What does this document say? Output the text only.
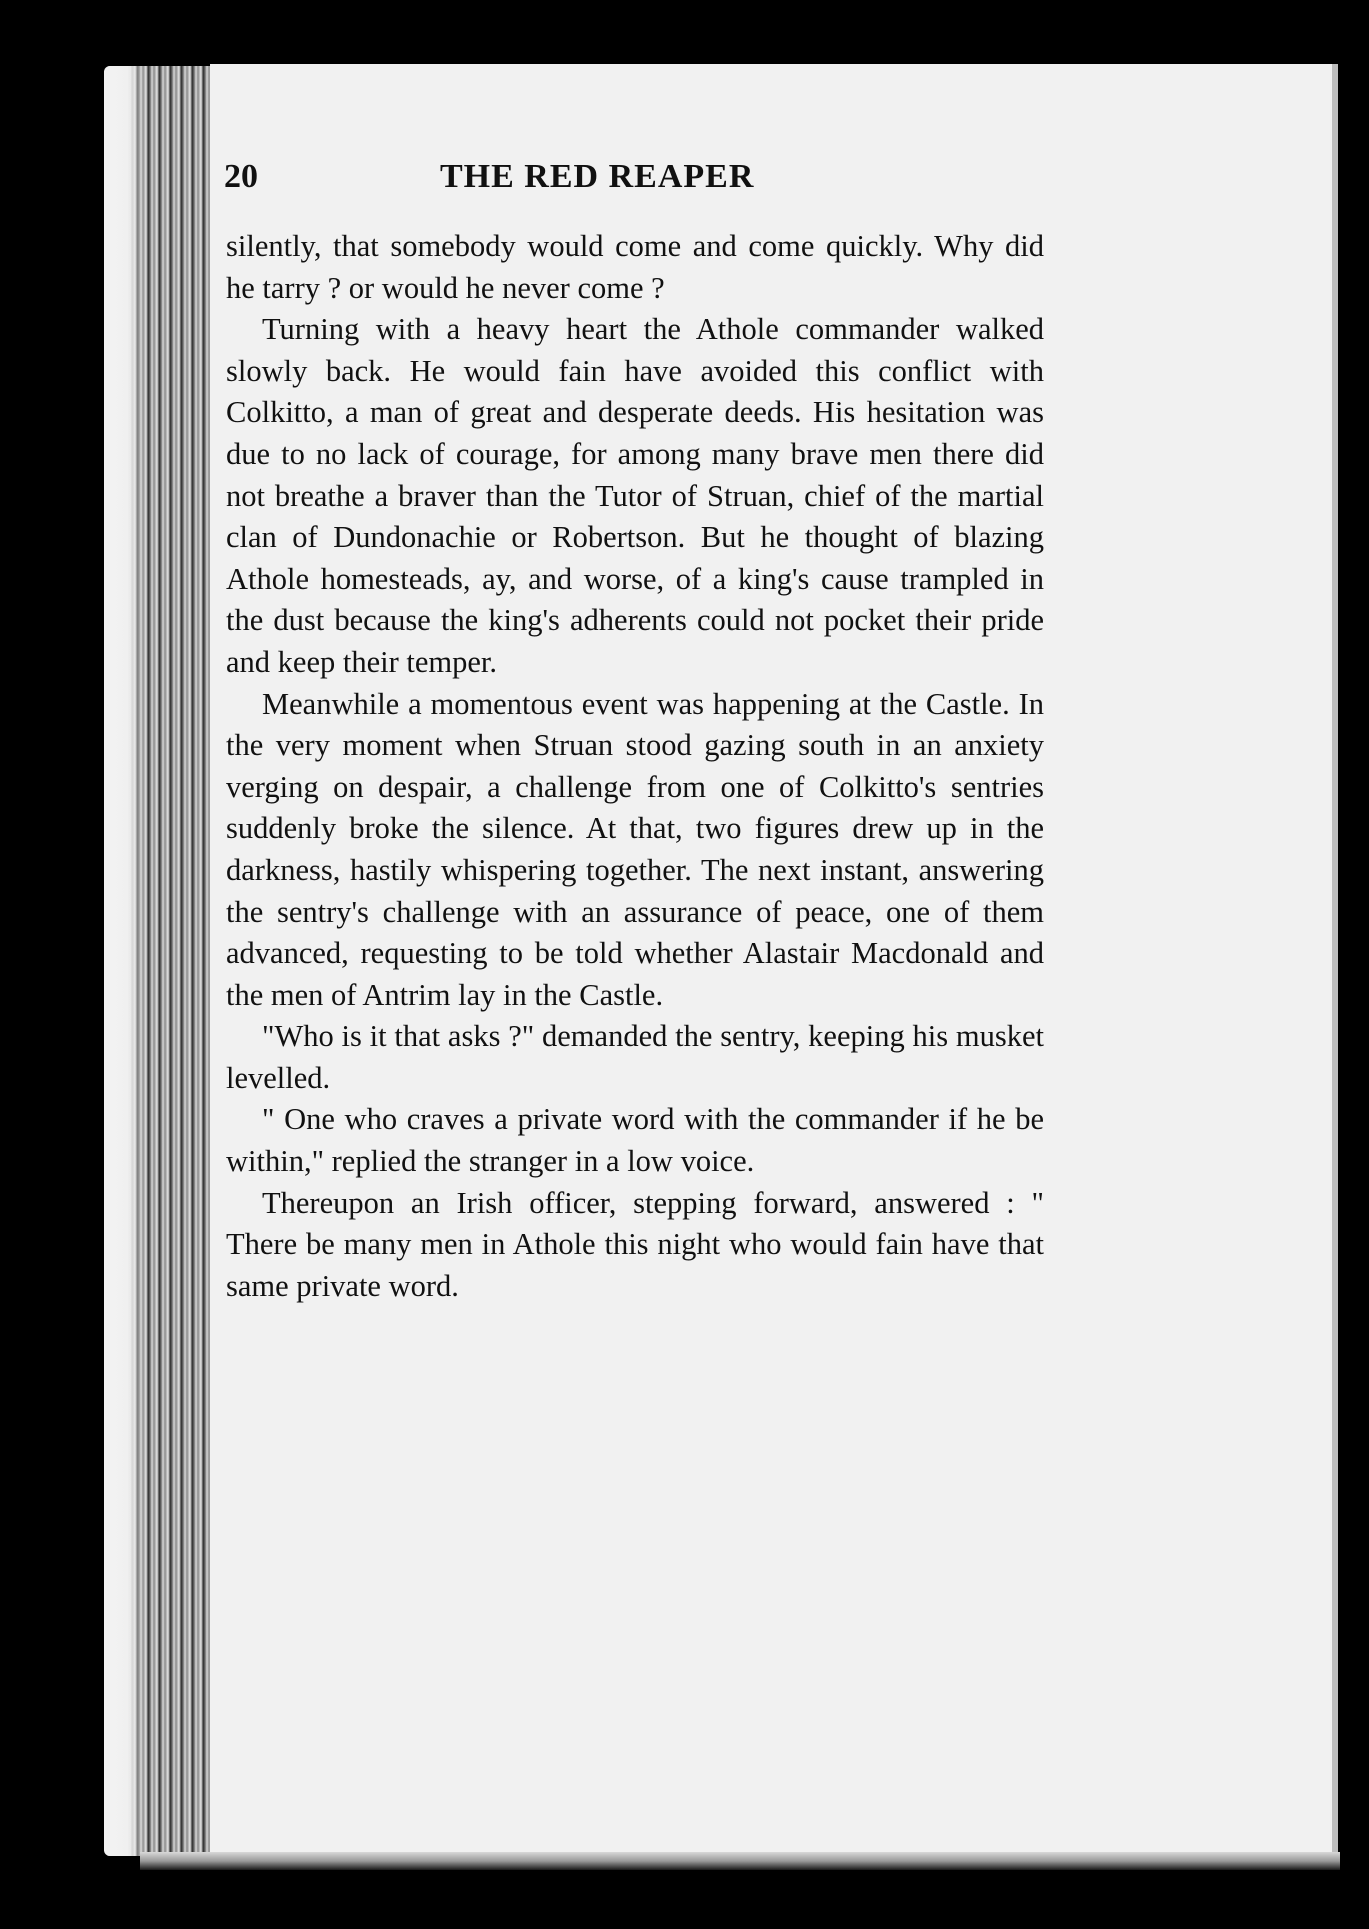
20	THE RED REAPER

silently, that somebody would come and come quickly. Why did he tarry ? or would he never come ?

Turning with a heavy heart the Athole commander walked slowly back. He would fain have avoided this conflict with Colkitto, a man of great and desperate deeds. His hesitation was due to no lack of courage, for among many brave men there did not breathe a braver than the Tutor of Struan, chief of the martial clan of Dundonachie or Robertson. But he thought of blazing Athole homesteads, ay, and worse, of a king's cause trampled in the dust because the king's adherents could not pocket their pride and keep their temper.

Meanwhile a momentous event was happening at the Castle. In the very moment when Struan stood gazing south in an anxiety verging on despair, a challenge from one of Colkitto's sentries suddenly broke the silence. At that, two figures drew up in the darkness, hastily whispering together. The next instant, answering the sentry's challenge with an assurance of peace, one of them advanced, requesting to be told whether Alastair Macdonald and the men of Antrim lay in the Castle.

"Who is it that asks ?" demanded the sentry, keeping his musket levelled.

" One who craves a private word with the commander if he be within," replied the stranger in a low voice.

Thereupon an Irish officer, stepping forward, answered : " There be many men in Athole this night who would fain have that same private word.
